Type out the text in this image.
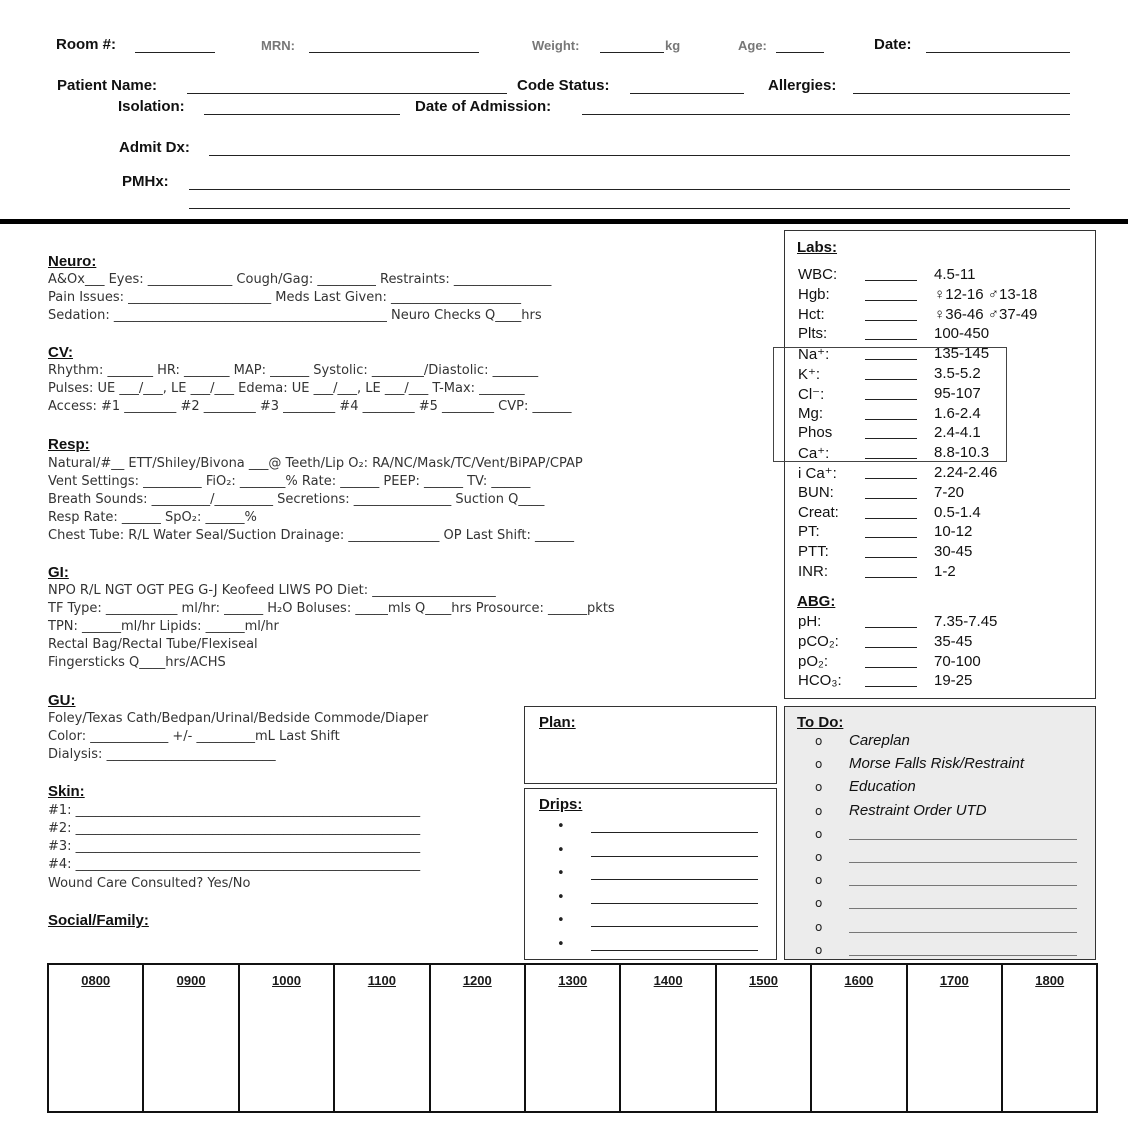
Room #:	MRN:	Weight:	kg	Age:	Date:
Patient Name:	Code Status:	Allergies:
Isolation:	Date of Admission:
Admit Dx:
PMHx:
Neuro:
A&Ox___ Eyes: _____________ Cough/Gag: _________ Restraints: _______________
Pain Issues: ______________________ Meds Last Given: ____________________
Sedation: __________________________________________ Neuro Checks Q____hrs
CV:
Rhythm: _______ HR: _______ MAP: ______ Systolic: ________/Diastolic: _______
Pulses: UE ___/___, LE ___/___ Edema: UE ___/___, LE ___/___ T-Max: _______
Access: #1 ________ #2 ________ #3 ________ #4 ________ #5 ________ CVP: ______
Resp:
Natural/#__ ETT/Shiley/Bivona ___@ Teeth/Lip O₂: RA/NC/Mask/TC/Vent/BiPAP/CPAP
Vent Settings: _________ FiO₂: _______% Rate: ______ PEEP: ______ TV: ______
Breath Sounds: _________/_________ Secretions: _______________ Suction Q____
Resp Rate: ______ SpO₂: ______%
Chest Tube: R/L Water Seal/Suction Drainage: ______________ OP Last Shift: ______
GI:
NPO R/L NGT OGT PEG G-J Keofeed LIWS PO Diet: ___________________
TF Type: ___________ ml/hr: ______ H₂O Boluses: _____mls Q____hrs Prosource: ______pkts
TPN: ______ml/hr Lipids: ______ml/hr
Rectal Bag/Rectal Tube/Flexiseal
Fingersticks Q____hrs/ACHS
GU:
Foley/Texas Cath/Bedpan/Urinal/Bedside Commode/Diaper
Color: ____________ +/- _________mL Last Shift
Dialysis: __________________________
Skin:
#1: _____________________________________________________
#2: _____________________________________________________
#3: _____________________________________________________
#4: _____________________________________________________
Wound Care Consulted? Yes/No
Social/Family:
Plan:
Drips:
•
•
•
•
•
•
Labs:
WBC:	4.5-11
Hgb:	♀12-16 ♂13-18
Hct:	♀36-46 ♂37-49
Plts:	100-450
Na⁺:	135-145
K⁺:	3.5-5.2
Cl⁻:	95-107
Mg:	1.6-2.4
Phos	2.4-4.1
Ca⁺:	8.8-10.3
i Ca⁺:	2.24-2.46
BUN:	7-20
Creat:	0.5-1.4
PT:	10-12
PTT:	30-45
INR:	1-2
ABG:
pH:	7.35-7.45
pCO₂:	35-45
pO₂:	70-100
HCO₃:	19-25
To Do:
o Careplan
o Morse Falls Risk/Restraint
o Education
o Restraint Order UTD
o
o
o
o
o
o
0800	0900	1000	1100	1200	1300	1400	1500	1600	1700	1800
